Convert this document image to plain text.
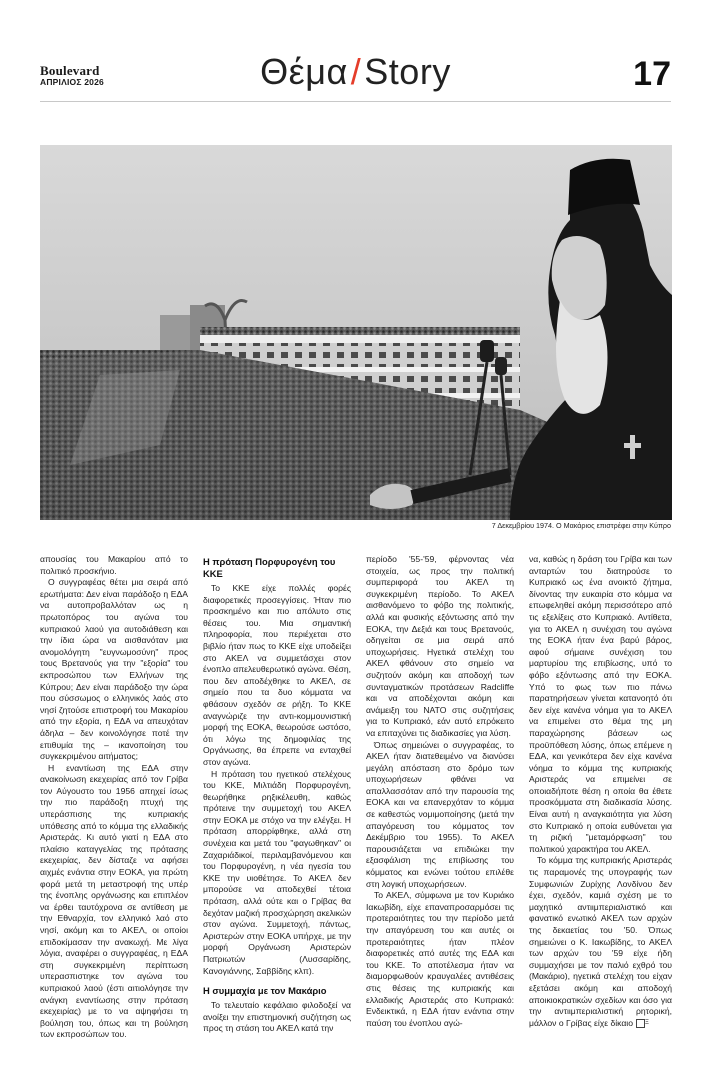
Boulevard
ΑΠΡΙΛΙΟΣ 2026	Θέμα/Story	17
7 Δεκεμβρίου 1974. Ο Μακάριος επιστρέφει στην Κύπρο

απουσίας του Μακαρίου από το πολιτικό προσκήνιο.

Ο συγγραφέας θέτει μια σειρά από ερωτήματα: Δεν είναι παράδοξο η ΕΔΑ να αυτοπροβαλλόταν ως η πρωτοπόρος του αγώνα του κυπριακού λαού για αυτοδιάθεση και την ίδια ώρα να αισθανόταν μια ανομολόγητη "ευγνωμοσύνη" προς τους Βρετανούς για την "εξορία" του εκπροσώπου των Ελλήνων της Κύπρου; Δεν είναι παράδοξο την ώρα που σύσσωμος ο ελληνικός λαός στο νησί ζητούσε επιστροφή του Μακαρίου από την εξορία, η ΕΔΑ να απευχόταν άδηλα – δεν κοινολόγησε ποτέ την επιθυμία της – ικανοποίηση του συγκεκριμένου αιτήματος;

Η εναντίωση της ΕΔΑ στην ανακοίνωση εκεχειρίας από τον Γρίβα τον Αύγουστο του 1956 απηχεί ίσως την πιο παράδοξη πτυχή της υπεράσπισης της κυπριακής υπόθεσης από το κόμμα της ελλαδικής Αριστεράς. Κι αυτό γιατί η ΕΔΑ στο πλαίσιο καταγγελίας της πρότασης εκεχειρίας, δεν δίσταζε να αφήσει αιχμές ενάντια στην ΕΟΚΑ, για πρώτη φορά μετά τη μεταστροφή της υπέρ της ένοπλης οργάνωσης και επιπλέον να έρθει ταυτόχρονα σε αντίθεση με την Εθναρχία, τον ελληνικό λαό στο νησί, ακόμη και το ΑΚΕΛ, οι οποίοι επιδοκίμασαν την ανακωχή. Με λίγα λόγια, αναφέρει ο συγγραφέας, η ΕΔΑ στη συγκεκριμένη περίπτωση υπερασπιστηκε τον αγώνα του κυπριακού λαού (έστι αιτιολόγησε την ανάγκη εναντίωσης στην πρόταση εκεχειρίας) με το να αψηφήσει τη βούληση του, όπως και τη βούληση των εκπροσώπων του.

Η πρόταση Πορφυρογένη του ΚΚΕ

Το ΚΚΕ είχε πολλές φορές διαφορετικές προσεγγίσεις. Ήταν πιο προσκημένο και πιο απόλυτο στις θέσεις του. Μια σημαντική πληροφορία, που περιέχεται στο βιβλίο ήταν πως το ΚΚΕ είχε υποδείξει στο ΑΚΕΛ να συμμετάσχει στον ένοπλο απελευθερωτικό αγώνα. Θέση, που δεν αποδέχθηκε το ΑΚΕΛ, σε σημείο που τα δυο κόμματα να φθάσουν σχεδόν σε ρήξη. Το ΚΚΕ αναγνώριζε την αντι-κομμουνιστική μορφή της ΕΟΚΑ, θεωρούσε ωστόσο, ότι λόγω της δημοφιλίας της Οργάνωσης, θα έπρεπε να ενταχθεί στον αγώνα.

Η πρόταση του ηγετικού στελέχους του ΚΚΕ, Μιλτιάδη Πορφυρογένη, θεωρήθηκε ρηξικέλευθη, καθώς πρότεινε την συμμετοχή του ΑΚΕΛ στην ΕΟΚΑ με στόχο να την ελέγξει. Η πρόταση απορρίφθηκε, αλλά στη συνέχεια και μετά του "φαγωθηκαν" οι Ζαχαριάδικοί, περιλαμβανόμενου και του Πορφυρογένη, η νέα ηγεσία του ΚΚΕ την υιοθέτησε. Το ΑΚΕΛ δεν μπορούσε να αποδεχθεί τέτοια πρόταση, αλλά ούτε και ο Γρίβας θα δεχόταν μαζική προσχώρηση ακελικών στον αγώνα. Συμμετοχή, πάντως, Αριστερών στην ΕΟΚΑ υπήρχε, με την μορφή Οργάνωση Αριστερών Πατριωτών (Λυσσαρίδης, Κανογιάννης, Σαββίδης κλπ).

Η συμμαχία με τον Μακάριο

Το τελευταίο κεφάλαιο φιλοδοξεί να ανοίξει την επιστημονική συζήτηση ως προς τη στάση του ΑΚΕΛ κατά την

περίοδο '55-'59, φέρνοντας νέα στοιχεία, ως προς την πολιτική συμπεριφορά του ΑΚΕΛ τη συγκεκριμένη περίοδο. Το ΑΚΕΛ αισθανόμενο το φόβο της πολιτικής, αλλά και φυσικής εξόντωσης από την ΕΟΚΑ, την Δεξιά και τους Βρετανούς, οδηγείται σε μια σειρά από υποχωρήσεις. Ηγετικά στελέχη του ΑΚΕΛ φθάνουν στο σημείο να συζητούν ακόμη και αποδοχή των συνταγματικών προτάσεων Radcliffe και να αποδέχονται ακόμη και ανάμειξη του ΝΑΤΟ στις συζητήσεις για το Κυπριακό, εάν αυτό επρόκειτο να επιταχύνει τις διαδικασίες για λύση.

Όπως σημειώνει ο συγγραφέας, το ΑΚΕΛ ήταν διατεθειμένο να διανύσει μεγάλη απόσταση στο δρόμο των υποχωρήσεων φθάνει να απαλλασσόταν από την παρουσία της ΕΟΚΑ και να επανερχόταν το κόμμα σε καθεστώς νομιμοποίησης (μετά την απαγόρευση του κόμματος τον Δεκέμβριο του 1955). Το ΑΚΕΛ παρουσιάζεται να επιδιώκει την εξασφάλιση της επιβίωσης του κόμματος και ενώνει τούτου επιλέθε στη λογική υποχωρήσεων.

Το ΑΚΕΛ, σύμφωνα με τον Κυριάκο Ιακωβίδη, είχε επαναπροσαρμόσει τις προτεραιότητες του την περίοδο μετά την απαγόρευση του και αυτές οι προτεραιότητες ήταν πλέον διαφορετικές από αυτές της ΕΔΑ και του ΚΚΕ. Το αποτέλεσμα ήταν να διαμορφωθούν κραυγαλέες αντιθέσεις στις θέσεις της κυπριακής και ελλαδικής Αριστεράς στο Κυπριακό: Ενδεικτικά, η ΕΔΑ ήταν ενάντια στην παύση του ένοπλου αγώ-

να, καθώς η δράση του Γρίβα και των ανταρτών του διατηρούσε το Κυπριακό ως ένα ανοικτό ζήτημα, δίνοντας την ευκαιρία στο κόμμα να επωφεληθεί ακόμη περισσότερο από τις εξελίξεις στο Κυπριακό. Αντίθετα, για το ΑΚΕΛ η συνέχιση του αγώνα της ΕΟΚΑ ήταν ένα βαρύ βάρος, αφού σήμαινε συνέχιση του μαρτυρίου της επιβίωσης, υπό το φόβο εξόντωσης από την ΕΟΚΑ. Υπό το φως των πιο πάνω παρατηρήσεων γίνεται κατανοητό ότι δεν είχε κανένα νόημα για το ΑΚΕΛ να επιμείνει στο θέμα της μη παραχώρησης βάσεων ως προϋπόθεση λύσης, όπως επέμενε η ΕΔΑ, και γενικότερα δεν είχε κανένα νόημα το κόμμα της κυπριακής Αριστεράς να επιμείνει σε οποιαδήποτε θέση η οποία θα έθετε προσκόμματα στη διαδικασία λύσης. Είναι αυτή η αναγκαιότητα για λύση στο Κυπριακό η οποία ευθύνεται για τη ριζική "μεταμόρφωση" του πολιτικού χαρακτήρα του ΑΚΕΛ.

Το κόμμα της κυπριακής Αριστεράς τις παραμονές της υπογραφής των Συμφωνιών Ζυρίχης Λονδίνου δεν έχει, σχεδόν, καμιά σχέση με το μαχητικό αντιιμπεριαλιστικό και φανατικό ενωτικό ΑΚΕΛ των αρχών της δεκαετίας του '50. Όπως σημειώνει ο Κ. Ιακωβίδης, το ΑΚΕΛ των αρχών του '59 είχε ήδη συμμαχήσει με τον παλιό εχθρό του (Μακάριο), ηγετικά στελέχη του είχαν εξετάσει ακόμη και αποδοχή αποικιοκρατικών σχεδίων και όσο για την αντιιμπεριαλιστική ρητορική, μάλλον ο Γρίβας είχε δίκαιο Ξ
